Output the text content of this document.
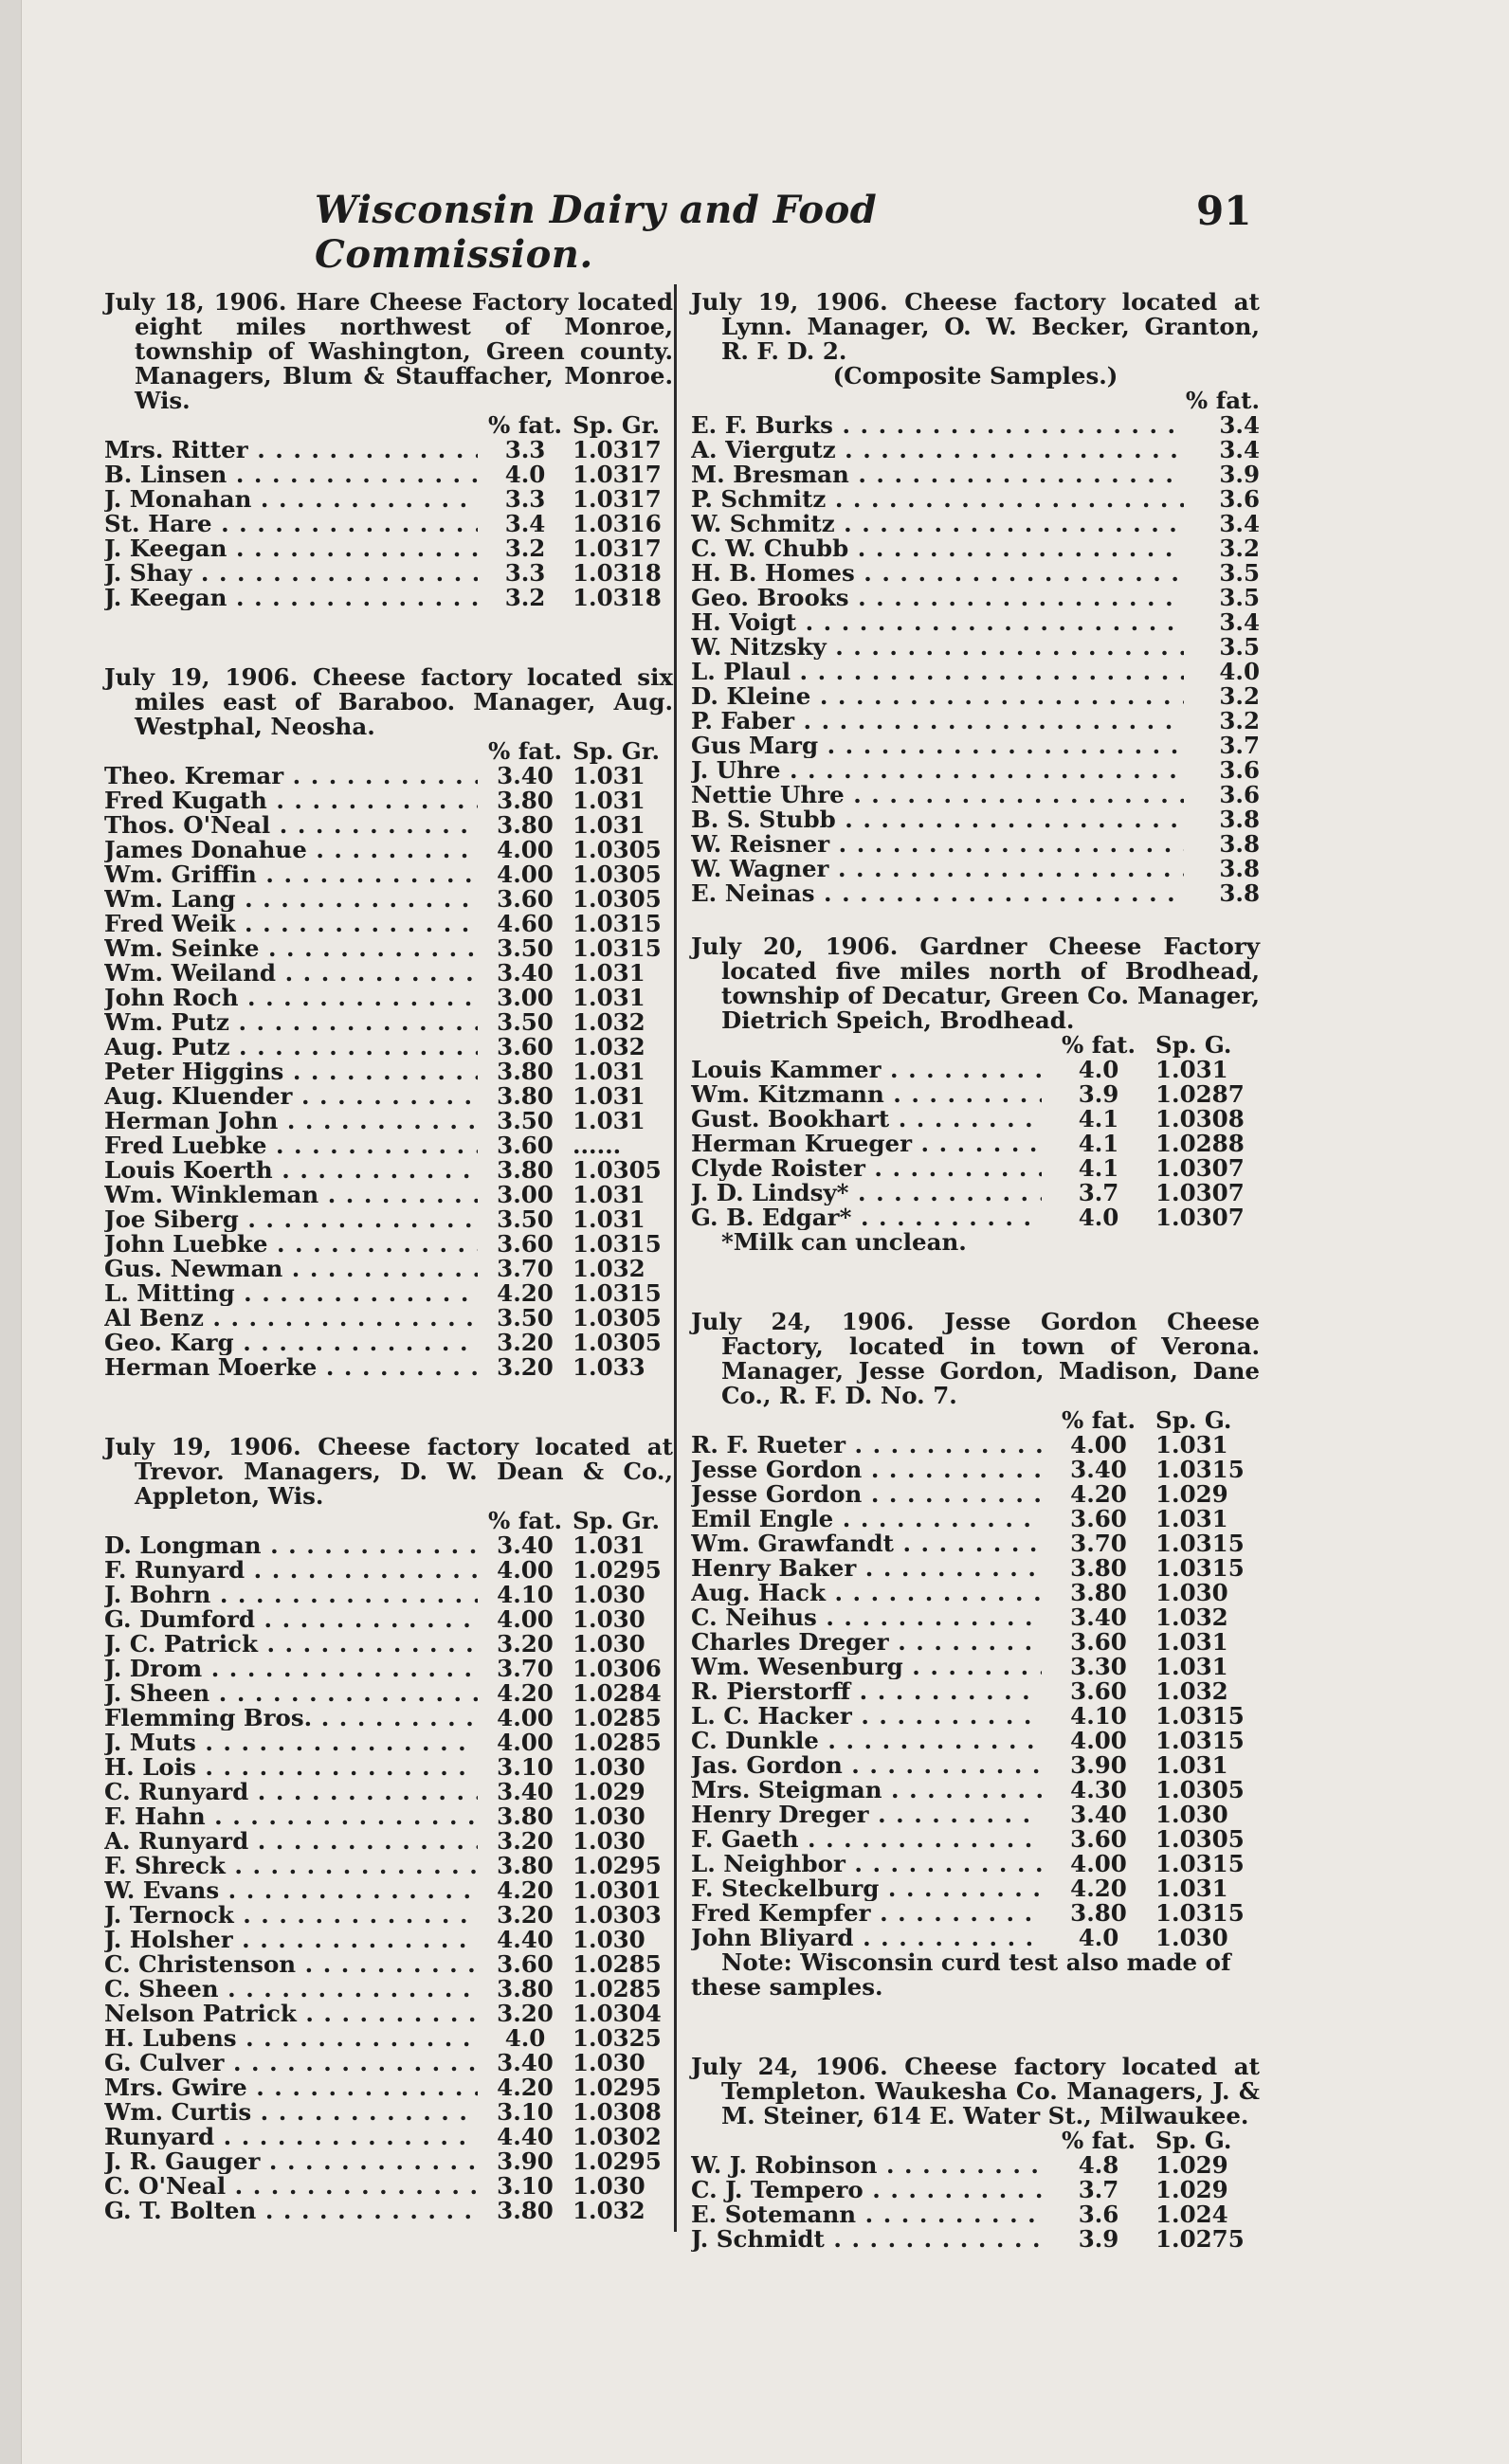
Wisconsin Dairy and Food Commission.
91
July 18, 1906. Hare Cheese Factory located eight miles northwest of Monroe, township of Washington, Green county. Managers, Blum & Stauffacher, Monroe. Wis.
% fat. Sp. Gr.
Mrs. Ritter . . .	3.3	1.0317
B. Linsen . . .	4.0	1.0317
J. Monahan . . .	3.3	1.0317
St. Hare . . .	3.4	1.0316
J. Keegan . . .	3.2	1.0317
J. Shay . . .	3.3	1.0318
J. Keegan . . .	3.2	1.0318
July 19, 1906. Cheese factory located six miles east of Baraboo. Manager, Aug. Westphal, Neosha.
% fat. Sp. Gr.
Theo. Kremar . . .	3.40 1.031
Fred Kugath . . .	3.80 1.031
Thos. O'Neal . . .	3.80 1.031
James Donahue . . .	4.00 1.0305
Wm. Griffin . . .	4.00 1.0305
Wm. Lang . . .	3.60 1.0305
Fred Weik . . .	4.60 1.0315
Wm. Seinke . . .	3.50 1.0315
Wm. Weiland . . .	3.40 1.031
John Roch . . .	3.00 1.031
Wm. Putz . . .	3.50 1.032
Aug. Putz . . .	3.60 1.032
Peter Higgins . . .	3.80 1.031
Aug. Kluender . . .	3.80 1.031
Herman John . . .	3.50 1.031
Fred Luebke . . .	3.60 ......
Louis Koerth . . .	3.80 1.0305
Wm. Winkleman . . .	3.00 1.031
Joe Siberg . . .	3.50 1.031
John Luebke . . .	3.60 1.0315
Gus. Newman . . .	3.70 1.032
L. Mitting . . .	4.20 1.0315
Al Benz . . .	3.50 1.0305
Geo. Karg . . .	3.20 1.0305
Herman Moerke . . .	3.20 1.033
July 19, 1906. Cheese factory located at Trevor. Managers, D. W. Dean & Co., Appleton, Wis.
% fat. Sp. Gr.
D. Longman . . .	3.40 1.031
F. Runyard . . .	4.00 1.0295
J. Bohrn . . .	4.10 1.030
G. Dumford . . .	4.00 1.030
J. C. Patrick . . .	3.20 1.030
J. Drom . . .	3.70 1.0306
J. Sheen . . .	4.20 1.0284
Flemming Bros. . . .	4.00 1.0285
J. Muts . . .	4.00 1.0285
H. Lois . . .	3.10 1.030
C. Runyard . . .	3.40 1.029
F. Hahn . . .	3.80 1.030
A. Runyard . . .	3.20 1.030
F. Shreck . . .	3.80 1.0295
W. Evans . . .	4.20 1.0301
J. Ternock . . .	3.20 1.0303
J. Holsher . . .	4.40 1.030
C. Christenson . . .	3.60 1.0285
C. Sheen . . .	3.80 1.0285
Nelson Patrick . . .	3.20 1.0304
H. Lubens . . .	4.0	1.0325
G. Culver . . .	3.40 1.030
Mrs. Gwire . . .	4.20 1.0295
Wm. Curtis . . .	3.10 1.0308
Runyard . . .	4.40 1.0302
J. R. Gauger . . .	3.90 1.0295
C. O'Neal . . .	3.10 1.030
G. T. Bolten . . .	3.80 1.032
July 19, 1906. Cheese factory located at Lynn. Manager, O. W. Becker, Granton, R. F. D. 2.
(Composite Samples.)
% fat.
E. F. Burks . . .	3.4
A. Viergutz . . .	3.4
M. Bresman . . .	3.9
P. Schmitz . . .	3.6
W. Schmitz . . .	3.4
C. W. Chubb . . .	3.2
H. B. Homes . . .	3.5
Geo. Brooks . . .	3.5
H. Voigt . . .	3.4
W. Nitzsky . . .	3.5
L. Plaul . . .	4.0
D. Kleine . . .	3.2
P. Faber . . .	3.2
Gus Marg . . .	3.7
J. Uhre . . .	3.6
Nettie Uhre . . .	3.6
B. S. Stubb . . .	3.8
W. Reisner . . .	3.8
W. Wagner . . .	3.8
E. Neinas . . .	3.8
July 20, 1906. Gardner Cheese Factory located five miles north of Brodhead, township of Decatur, Green Co. Manager, Dietrich Speich, Brodhead.
% fat. Sp. G.
Louis Kammer . . .	4.0	1.031
Wm. Kitzmann . . .	3.9	1.0287
Gust. Bookhart . . .	4.1	1.0308
Herman Krueger . . .	4.1	1.0288
Clyde Roister . . .	4.1	1.0307
J. D. Lindsy* . . .	3.7	1.0307
G. B. Edgar* . . .	4.0	1.0307
*Milk can unclean.
July 24, 1906. Jesse Gordon Cheese Factory, located in town of Verona. Manager, Jesse Gordon, Madison, Dane Co., R. F. D. No. 7.
% fat. Sp. G.
R. F. Rueter . . .	4.00	1.031
Jesse Gordon . . .	3.40	1.0315
Jesse Gordon . . .	4.20	1.029
Emil Engle . . .	3.60	1.031
Wm. Grawfandt . . .	3.70	1.0315
Henry Baker . . .	3.80	1.0315
Aug. Hack . . .	3.80	1.030
C. Neihus . . .	3.40	1.032
Charles Dreger . . .	3.60	1.031
Wm. Wesenburg . . .	3.30	1.031
R. Pierstorff . . .	3.60	1.032
L. C. Hacker . . .	4.10	1.0315
C. Dunkle . . .	4.00	1.0315
Jas. Gordon . . .	3.90	1.031
Mrs. Steigman . . .	4.30	1.0305
Henry Dreger . . .	3.40	1.030
F. Gaeth . . .	3.60	1.0305
L. Neighbor . . .	4.00	1.0315
F. Steckelburg . . .	4.20	1.031
Fred Kempfer . . .	3.80	1.0315
John Bliyard . . .	4.0	1.030
Note: Wisconsin curd test also made of these samples.
July 24, 1906. Cheese factory located at Templeton. Waukesha Co. Managers, J. & M. Steiner, 614 E. Water St., Milwaukee.
% fat. Sp. G.
W. J. Robinson . . .	4.8	1.029
C. J. Tempero . . .	3.7	1.029
E. Sotemann . . .	3.6	1.024
J. Schmidt . . .	3.9	1.0275
